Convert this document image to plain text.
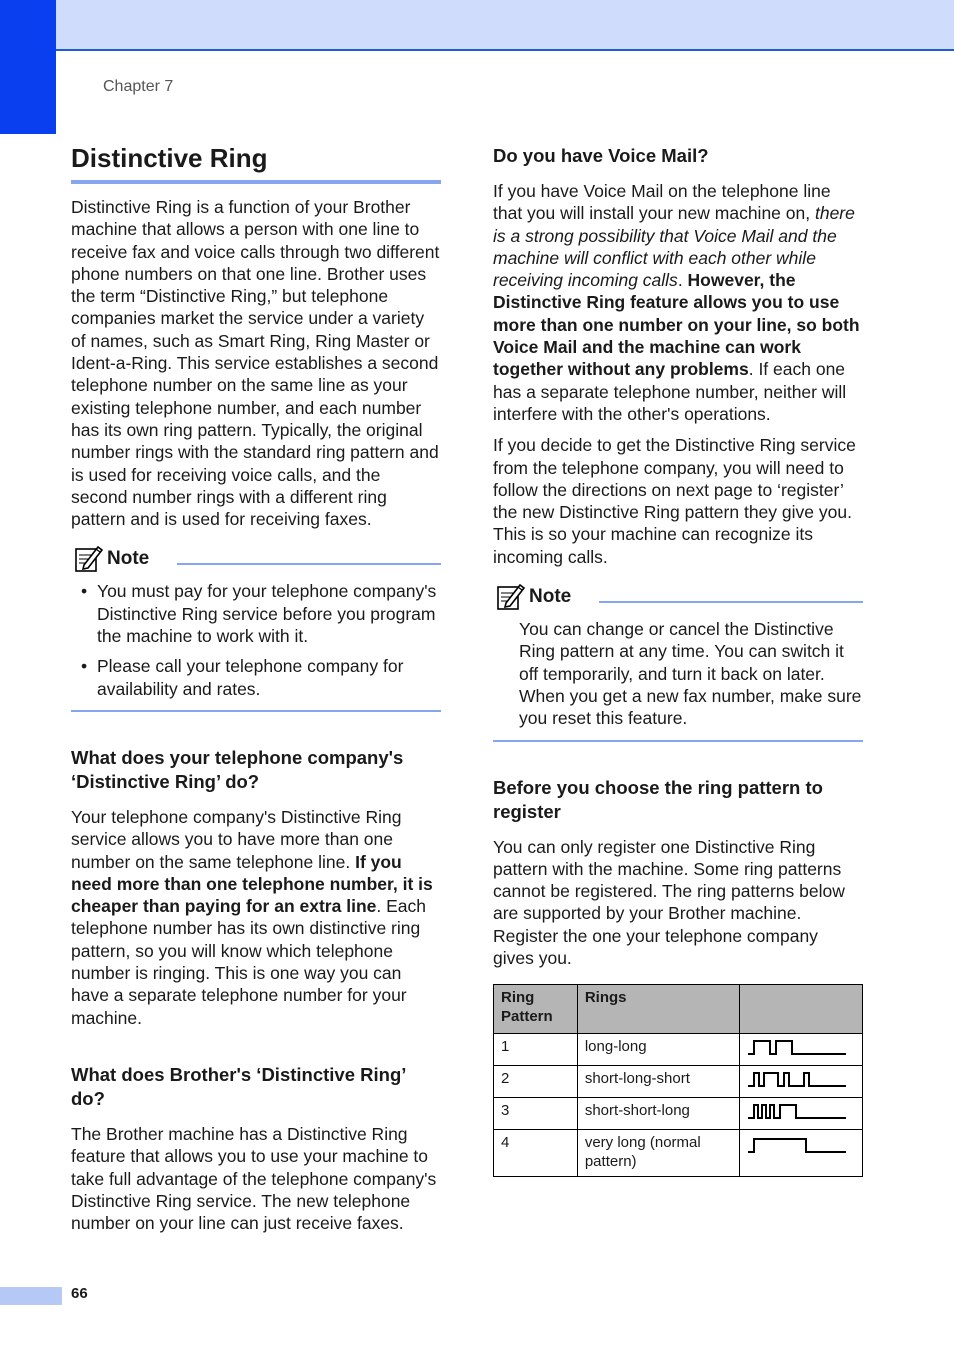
Chapter 7
Distinctive Ring

Distinctive Ring is a function of your Brother machine that allows a person with one line to receive fax and voice calls through two different phone numbers on that one line. Brother uses the term “Distinctive Ring,” but telephone companies market the service under a variety of names, such as Smart Ring, Ring Master or Ident-a-Ring. This service establishes a second telephone number on the same line as your existing telephone number, and each number has its own ring pattern. Typically, the original number rings with the standard ring pattern and is used for receiving voice calls, and the second number rings with a different ring pattern and is used for receiving faxes.

Note
• You must pay for your telephone company's Distinctive Ring service before you program the machine to work with it.
• Please call your telephone company for availability and rates.
What does your telephone company's ‘Distinctive Ring’ do?

Your telephone company's Distinctive Ring service allows you to have more than one number on the same telephone line. If you need more than one telephone number, it is cheaper than paying for an extra line. Each telephone number has its own distinctive ring pattern, so you will know which telephone number is ringing. This is one way you can have a separate telephone number for your machine.

What does Brother's ‘Distinctive Ring’ do?

The Brother machine has a Distinctive Ring feature that allows you to use your machine to take full advantage of the telephone company's Distinctive Ring service. The new telephone number on your line can just receive faxes.

Do you have Voice Mail?

If you have Voice Mail on the telephone line that you will install your new machine on, there is a strong possibility that Voice Mail and the machine will conflict with each other while receiving incoming calls. However, the Distinctive Ring feature allows you to use more than one number on your line, so both Voice Mail and the machine can work together without any problems. If each one has a separate telephone number, neither will interfere with the other's operations.

If you decide to get the Distinctive Ring service from the telephone company, you will need to follow the directions on next page to ‘register’ the new Distinctive Ring pattern they give you. This is so your machine can recognize its incoming calls.

Note

You can change or cancel the Distinctive Ring pattern at any time. You can switch it off temporarily, and turn it back on later. When you get a new fax number, make sure you reset this feature.

Before you choose the ring pattern to register

You can only register one Distinctive Ring pattern with the machine. Some ring patterns cannot be registered. The ring patterns below are supported by your Brother machine. Register the one your telephone company gives you.

Ring Pattern	Rings	
1	long-long	
2	short-long-short	
3	short-short-long	
4	very long (normal pattern)	
66
